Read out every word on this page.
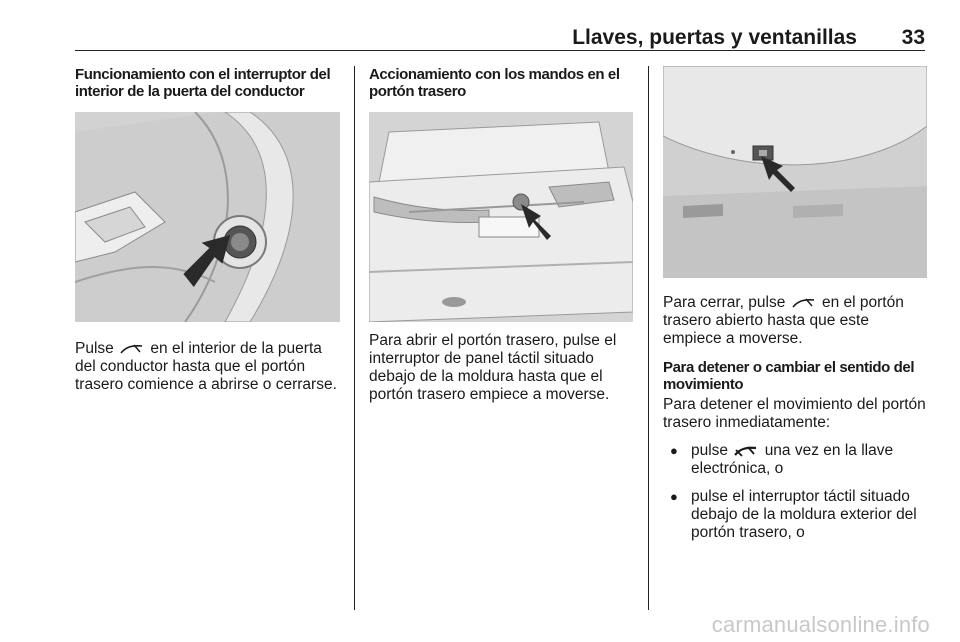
Llaves, puertas y ventanillas 33
Funcionamiento con el interruptor del interior de la puerta del conductor

Pulse en el interior de la puerta del conductor hasta que el portón trasero comience a abrirse o cerrarse.

Accionamiento con los mandos en el portón trasero

Para abrir el portón trasero, pulse el interruptor de panel táctil situado debajo de la moldura hasta que el portón trasero empiece a moverse.

Para cerrar, pulse en el portón trasero abierto hasta que este empiece a moverse.

Para detener o cambiar el sentido del movimiento

Para detener el movimiento del portón trasero inmediatamente:

● pulse una vez en la llave electrónica, o
● pulse el interruptor táctil situado debajo de la moldura exterior del portón trasero, o
carmanualsonline.info
